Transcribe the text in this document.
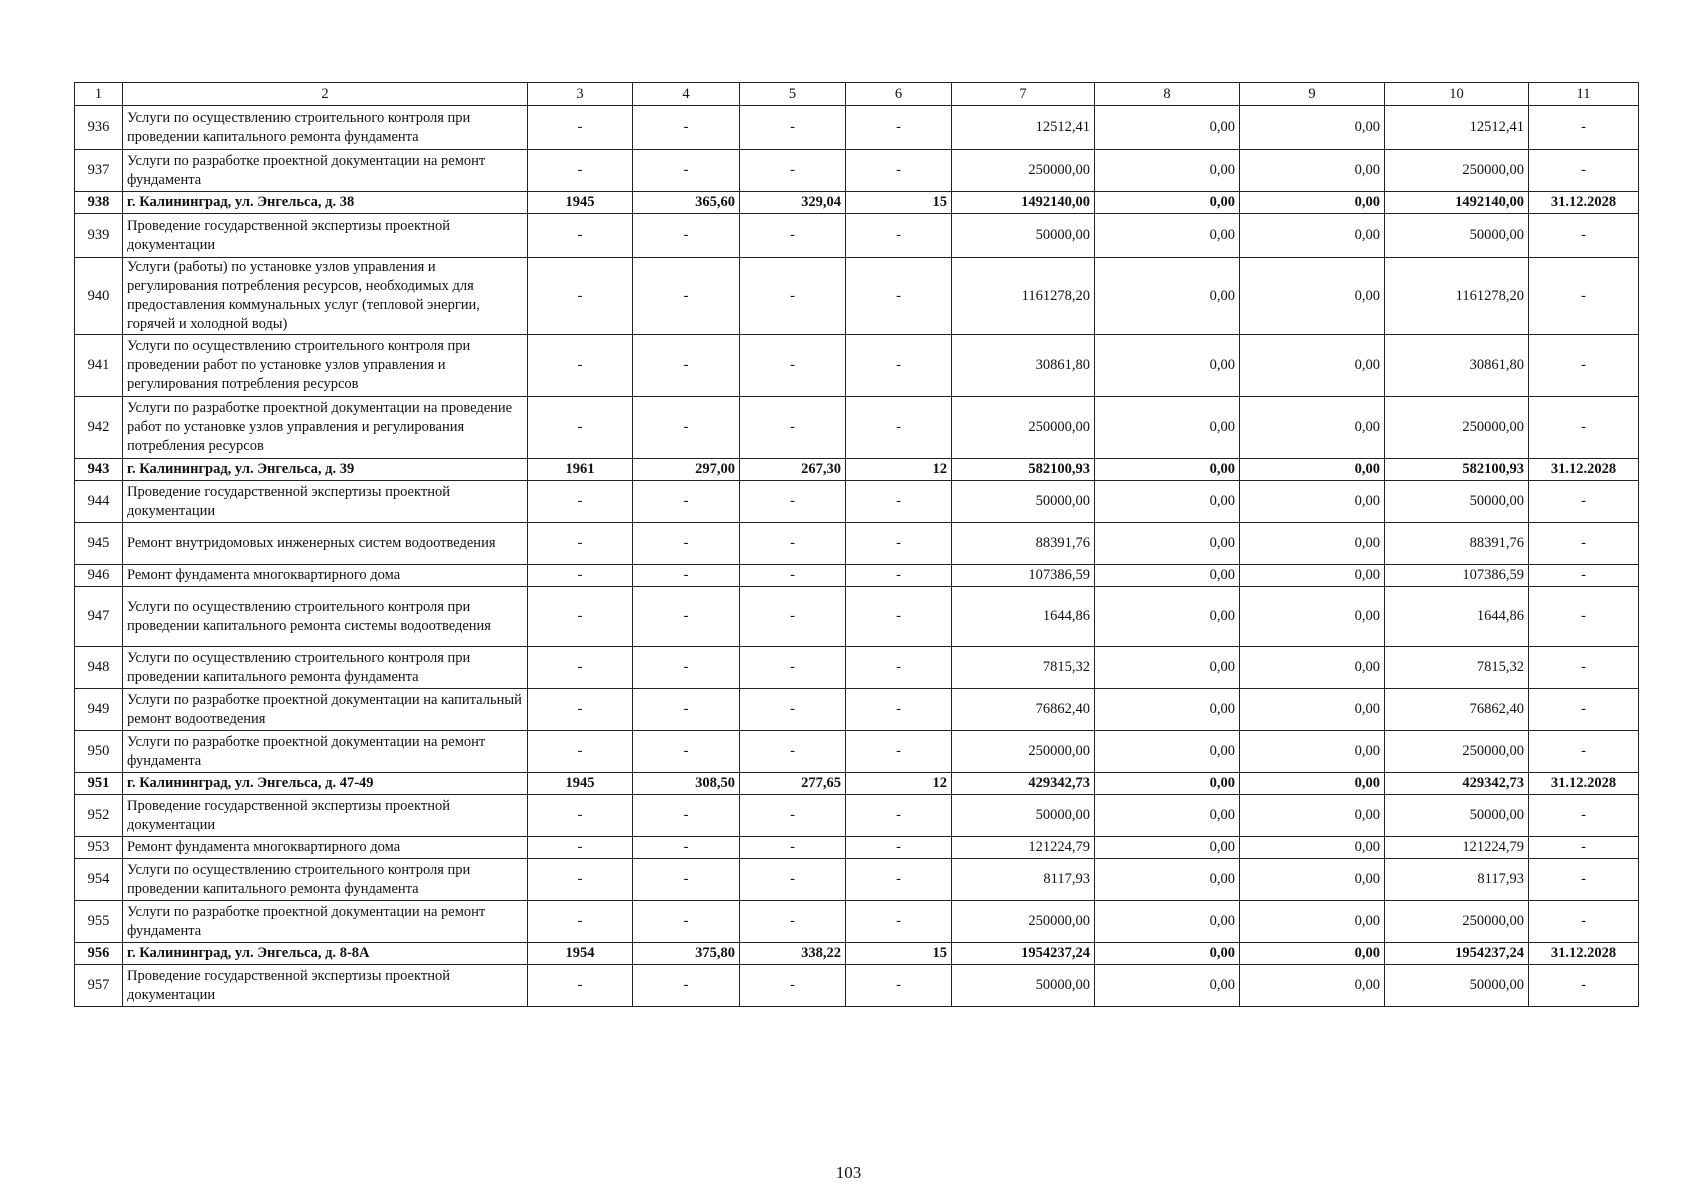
1	2	3	4	5	6	7	8	9	10	11
936	Услуги по осуществлению строительного контроля при проведении капитального ремонта фундамента	-	-	-	-	12512,41	0,00	0,00	12512,41	-
937	Услуги по разработке проектной документации на ремонт фундамента	-	-	-	-	250000,00	0,00	0,00	250000,00	-
938	г. Калининград, ул. Энгельса, д. 38	1945	365,60	329,04	15	1492140,00	0,00	0,00	1492140,00	31.12.2028
939	Проведение государственной экспертизы проектной документации	-	-	-	-	50000,00	0,00	0,00	50000,00	-
940	Услуги (работы) по установке узлов управления и регулирования потребления ресурсов, необходимых для предоставления коммунальных услуг (тепловой энергии, горячей и холодной воды)	-	-	-	-	1161278,20	0,00	0,00	1161278,20	-
941	Услуги по осуществлению строительного контроля при проведении работ по установке узлов управления и регулирования потребления ресурсов	-	-	-	-	30861,80	0,00	0,00	30861,80	-
942	Услуги по разработке проектной документации на проведение работ по установке узлов управления и регулирования потребления ресурсов	-	-	-	-	250000,00	0,00	0,00	250000,00	-
943	г. Калининград, ул. Энгельса, д. 39	1961	297,00	267,30	12	582100,93	0,00	0,00	582100,93	31.12.2028
944	Проведение государственной экспертизы проектной документации	-	-	-	-	50000,00	0,00	0,00	50000,00	-
945	Ремонт внутридомовых инженерных систем водоотведения	-	-	-	-	88391,76	0,00	0,00	88391,76	-
946	Ремонт фундамента многоквартирного дома	-	-	-	-	107386,59	0,00	0,00	107386,59	-
947	Услуги по осуществлению строительного контроля при проведении капитального ремонта системы водоотведения	-	-	-	-	1644,86	0,00	0,00	1644,86	-
948	Услуги по осуществлению строительного контроля при проведении капитального ремонта фундамента	-	-	-	-	7815,32	0,00	0,00	7815,32	-
949	Услуги по разработке проектной документации на капитальный ремонт водоотведения	-	-	-	-	76862,40	0,00	0,00	76862,40	-
950	Услуги по разработке проектной документации на ремонт фундамента	-	-	-	-	250000,00	0,00	0,00	250000,00	-
951	г. Калининград, ул. Энгельса, д. 47-49	1945	308,50	277,65	12	429342,73	0,00	0,00	429342,73	31.12.2028
952	Проведение государственной экспертизы проектной документации	-	-	-	-	50000,00	0,00	0,00	50000,00	-
953	Ремонт фундамента многоквартирного дома	-	-	-	-	121224,79	0,00	0,00	121224,79	-
954	Услуги по осуществлению строительного контроля при проведении капитального ремонта фундамента	-	-	-	-	8117,93	0,00	0,00	8117,93	-
955	Услуги по разработке проектной документации на ремонт фундамента	-	-	-	-	250000,00	0,00	0,00	250000,00	-
956	г. Калининград, ул. Энгельса, д. 8-8А	1954	375,80	338,22	15	1954237,24	0,00	0,00	1954237,24	31.12.2028
957	Проведение государственной экспертизы проектной документации	-	-	-	-	50000,00	0,00	0,00	50000,00	-
103
